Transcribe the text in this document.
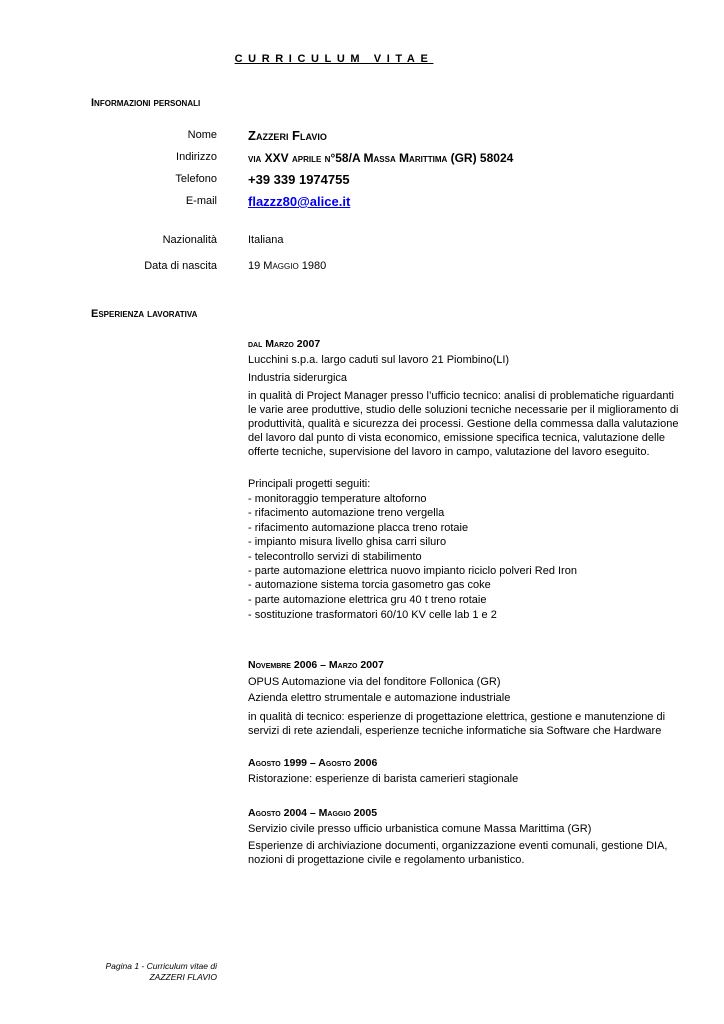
CURRICULUM VITAE
Informazioni personali
Nome Zazzeri Flavio
Indirizzo	via XXV aprile n°58/A Massa Marittima (GR) 58024
Telefono +39 339 1974755
E-mail flazzz80@alice.it
Nazionalità	Italiana
Data di nascita	19 Maggio 1980
Esperienza lavorativa
dal Marzo 2007
Lucchini s.p.a. largo caduti sul lavoro 21 Piombino(LI)
Industria siderurgica
in qualità di Project Manager presso l’ufficio tecnico: analisi di problematiche riguardanti le varie aree produttive, studio delle soluzioni tecniche necessarie per il miglioramento di produttività, qualità e sicurezza dei processi. Gestione della commessa dalla valutazione del lavoro dal punto di vista economico, emissione specifica tecnica, valutazione delle offerte tecniche, supervisione del lavoro in campo, valutazione del lavoro eseguito.
Principali progetti seguiti:
- monitoraggio temperature altoforno
- rifacimento automazione treno vergella
- rifacimento automazione placca treno rotaie
- impianto misura livello ghisa carri siluro
- telecontrollo servizi di stabilimento
- parte automazione elettrica nuovo impianto riciclo polveri Red Iron
- automazione sistema torcia gasometro gas coke
- parte automazione elettrica gru 40 t treno rotaie
- sostituzione trasformatori 60/10 KV celle lab 1 e 2
Novembre 2006 – Marzo 2007
OPUS Automazione via del fonditore Follonica (GR)
Azienda elettro strumentale e automazione industriale
in qualità di tecnico: esperienze di progettazione elettrica, gestione e manutenzione di servizi di rete aziendali, esperienze tecniche informatiche sia Software che Hardware
Agosto 1999 – Agosto 2006
Ristorazione: esperienze di barista camerieri stagionale
Agosto 2004 – Maggio 2005
Servizio civile presso ufficio urbanistica comune Massa Marittima (GR)
Esperienze di archiviazione documenti, organizzazione eventi comunali, gestione DIA, nozioni di progettazione civile e regolamento urbanistico.
Pagina 1 - Curriculum vitae di
ZAZZERI FLAVIO
